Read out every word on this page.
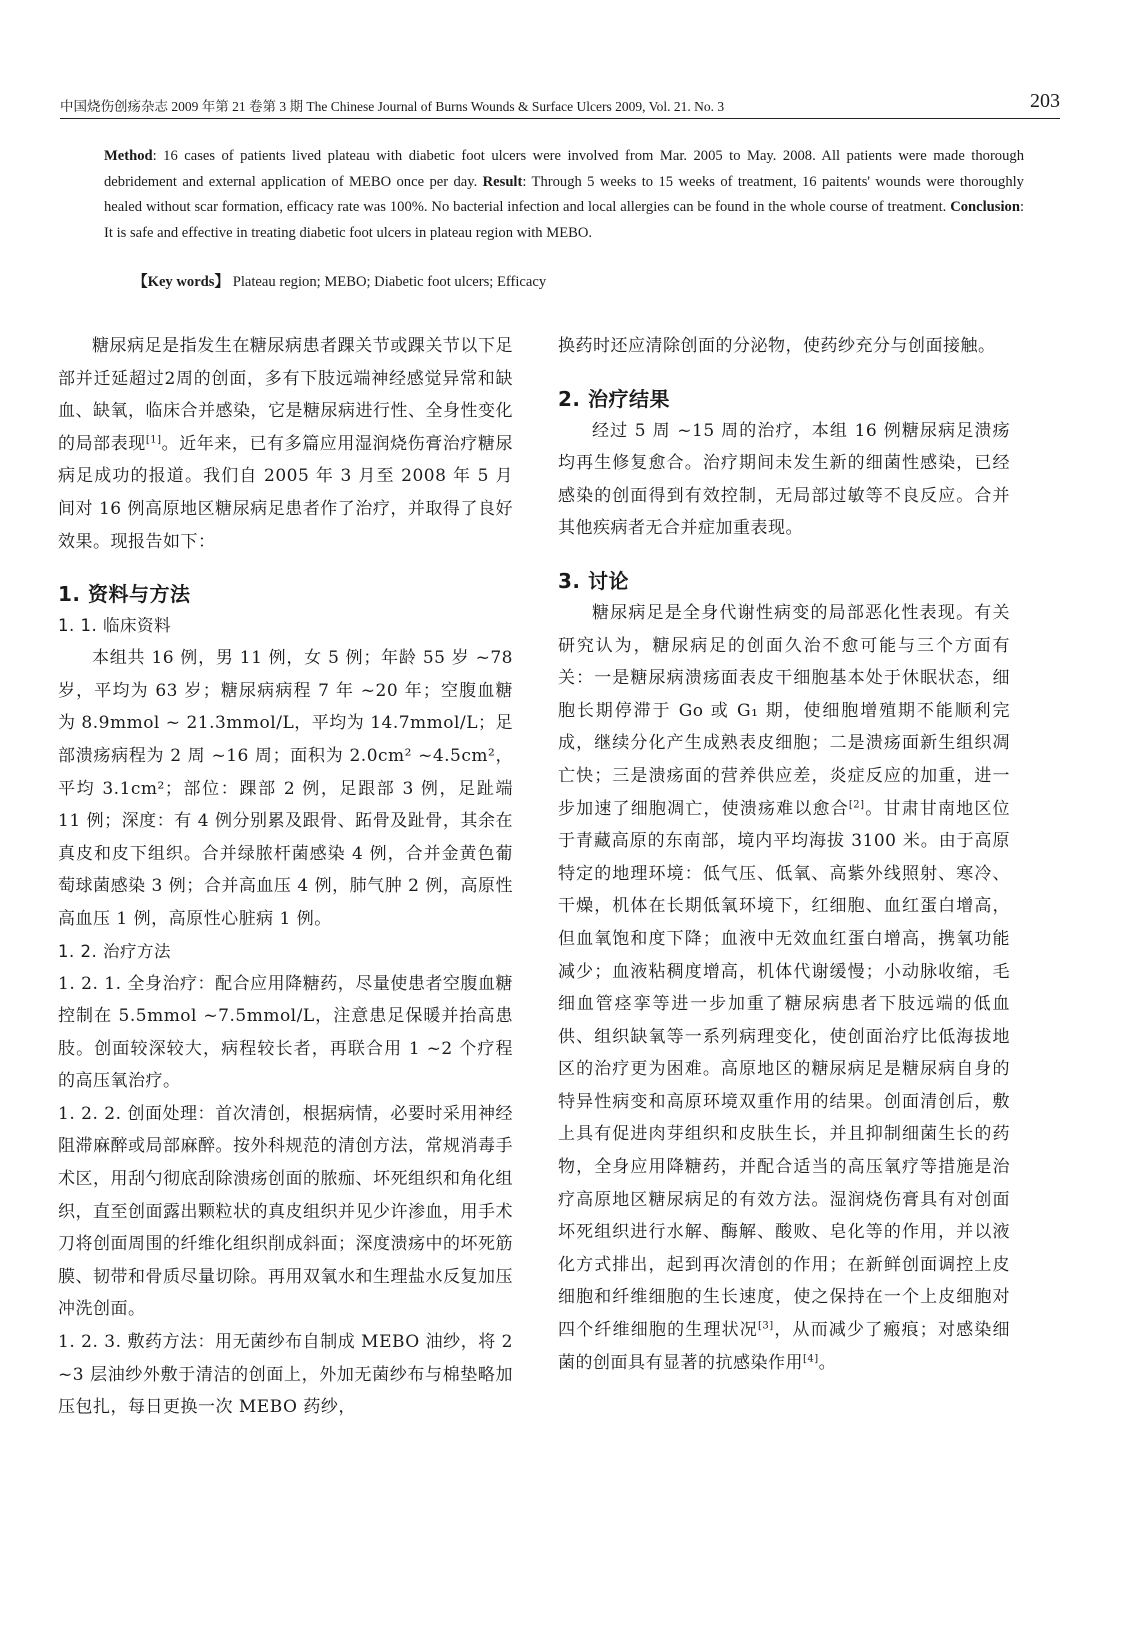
中国烧伤创疡杂志 2009 年第 21 卷第 3 期 The Chinese Journal of Burns Wounds & Surface Ulcers 2009, Vol. 21. No. 3	203
Method: 16 cases of patients lived plateau with diabetic foot ulcers were involved from Mar. 2005 to May. 2008. All patients were made thorough debridement and external application of MEBO once per day. Result: Through 5 weeks to 15 weeks of treatment, 16 paitents' wounds were thoroughly healed without scar formation, efficacy rate was 100%. No bacterial infection and local allergies can be found in the whole course of treatment. Conclusion: It is safe and effective in treating diabetic foot ulcers in plateau region with MEBO.
【Key words】 Plateau region; MEBO; Diabetic foot ulcers; Efficacy

糖尿病足是指发生在糖尿病患者踝关节或踝关节以下足部并迁延超过2周的创面，多有下肢远端神经感觉异常和缺血、缺氧，临床合并感染，它是糖尿病进行性、全身性变化的局部表现[1]。近年来，已有多篇应用湿润烧伤膏治疗糖尿病足成功的报道。我们自 2005 年 3 月至 2008 年 5 月间对 16 例高原地区糖尿病足患者作了治疗，并取得了良好效果。现报告如下：

1. 资料与方法

1. 1. 临床资料

本组共 16 例，男 11 例，女 5 例；年龄 55 岁 ~78 岁，平均为 63 岁；糖尿病病程 7 年 ~20 年；空腹血糖为 8.9mmol ~ 21.3mmol/L，平均为 14.7mmol/L；足部溃疡病程为 2 周 ~16 周；面积为 2.0cm² ~4.5cm²，平均 3.1cm²；部位：踝部 2 例，足跟部 3 例，足趾端 11 例；深度：有 4 例分别累及跟骨、跖骨及趾骨，其余在真皮和皮下组织。合并绿脓杆菌感染 4 例，合并金黄色葡萄球菌感染 3 例；合并高血压 4 例，肺气肿 2 例，高原性高血压 1 例，高原性心脏病 1 例。

1. 2. 治疗方法

1. 2. 1. 全身治疗：配合应用降糖药，尽量使患者空腹血糖控制在 5.5mmol ~7.5mmol/L，注意患足保暖并抬高患肢。创面较深较大，病程较长者，再联合用 1 ~2 个疗程的高压氧治疗。

1. 2. 2. 创面处理：首次清创，根据病情，必要时采用神经阻滞麻醉或局部麻醉。按外科规范的清创方法，常规消毒手术区，用刮勺彻底刮除溃疡创面的脓痂、坏死组织和角化组织，直至创面露出颗粒状的真皮组织并见少许渗血，用手术刀将创面周围的纤维化组织削成斜面；深度溃疡中的坏死筋膜、韧带和骨质尽量切除。再用双氧水和生理盐水反复加压冲洗创面。

1. 2. 3. 敷药方法：用无菌纱布自制成 MEBO 油纱，将 2 ~3 层油纱外敷于清洁的创面上，外加无菌纱布与棉垫略加压包扎，每日更换一次 MEBO 药纱，

换药时还应清除创面的分泌物，使药纱充分与创面接触。

2. 治疗结果

经过 5 周 ~15 周的治疗，本组 16 例糖尿病足溃疡均再生修复愈合。治疗期间未发生新的细菌性感染，已经感染的创面得到有效控制，无局部过敏等不良反应。合并其他疾病者无合并症加重表现。

3. 讨论

糖尿病足是全身代谢性病变的局部恶化性表现。有关研究认为，糖尿病足的创面久治不愈可能与三个方面有关：一是糖尿病溃疡面表皮干细胞基本处于休眠状态，细胞长期停滞于 Go 或 G₁ 期，使细胞增殖期不能顺利完成，继续分化产生成熟表皮细胞；二是溃疡面新生组织凋亡快；三是溃疡面的营养供应差，炎症反应的加重，进一步加速了细胞凋亡，使溃疡难以愈合[2]。甘肃甘南地区位于青藏高原的东南部，境内平均海拔 3100 米。由于高原特定的地理环境：低气压、低氧、高紫外线照射、寒冷、干燥，机体在长期低氧环境下，红细胞、血红蛋白增高，但血氧饱和度下降；血液中无效血红蛋白增高，携氧功能减少；血液粘稠度增高，机体代谢缓慢；小动脉收缩，毛细血管痉挛等进一步加重了糖尿病患者下肢远端的低血供、组织缺氧等一系列病理变化，使创面治疗比低海拔地区的治疗更为困难。高原地区的糖尿病足是糖尿病自身的特异性病变和高原环境双重作用的结果。创面清创后，敷上具有促进肉芽组织和皮肤生长，并且抑制细菌生长的药物，全身应用降糖药，并配合适当的高压氧疗等措施是治疗高原地区糖尿病足的有效方法。湿润烧伤膏具有对创面坏死组织进行水解、酶解、酸败、皂化等的作用，并以液化方式排出，起到再次清创的作用；在新鲜创面调控上皮细胞和纤维细胞的生长速度，使之保持在一个上皮细胞对四个纤维细胞的生理状况[3]，从而减少了瘢痕；对感染细菌的创面具有显著的抗感染作用[4]。
